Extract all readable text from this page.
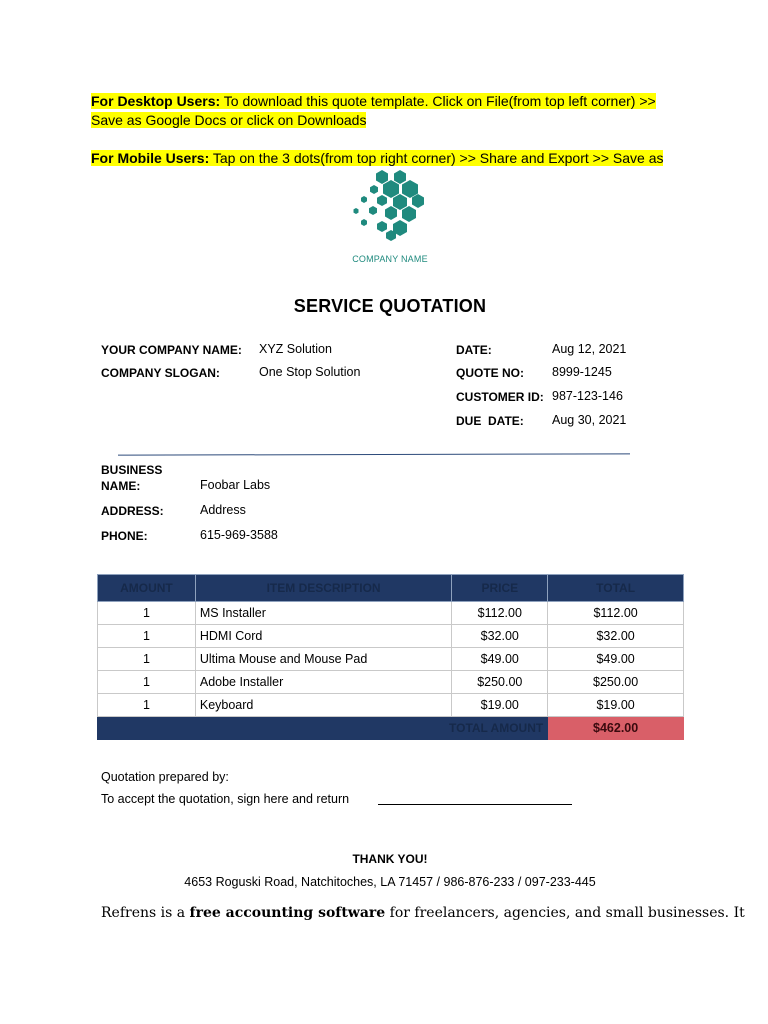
For Desktop Users: To download this quote template. Click on File(from top left corner) >>
Save as Google Docs or click on Downloads
For Mobile Users: Tap on the 3 dots(from top right corner) >> Share and Export >> Save as
COMPANY NAME
SERVICE QUOTATION
YOUR COMPANY NAME: XYZ Solution
COMPANY SLOGAN:	One Stop Solution
DATE:	Aug 12, 2021
QUOTE NO: 8999-1245
CUSTOMER ID: 987-123-146
DUE  DATE: Aug 30, 2021
BUSINESS
NAME:	Foobar Labs
ADDRESS:	Address
PHONE:	615-969-3588
AMOUNT	ITEM DESCRIPTION	PRICE	TOTAL
1	MS Installer	$112.00	$112.00
1	HDMI Cord	$32.00	$32.00
1	Ultima Mouse and Mouse Pad	$49.00	$49.00
1	Adobe Installer	$250.00	$250.00
1	Keyboard	$19.00	$19.00
TOTAL AMOUNT			$462.00
Quotation prepared by:
To accept the quotation, sign here and return
THANK YOU!
4653 Roguski Road, Natchitoches, LA 71457 / 986-876-233 / 097-233-445
Refrens is a free accounting software for freelancers, agencies, and small businesses. It
